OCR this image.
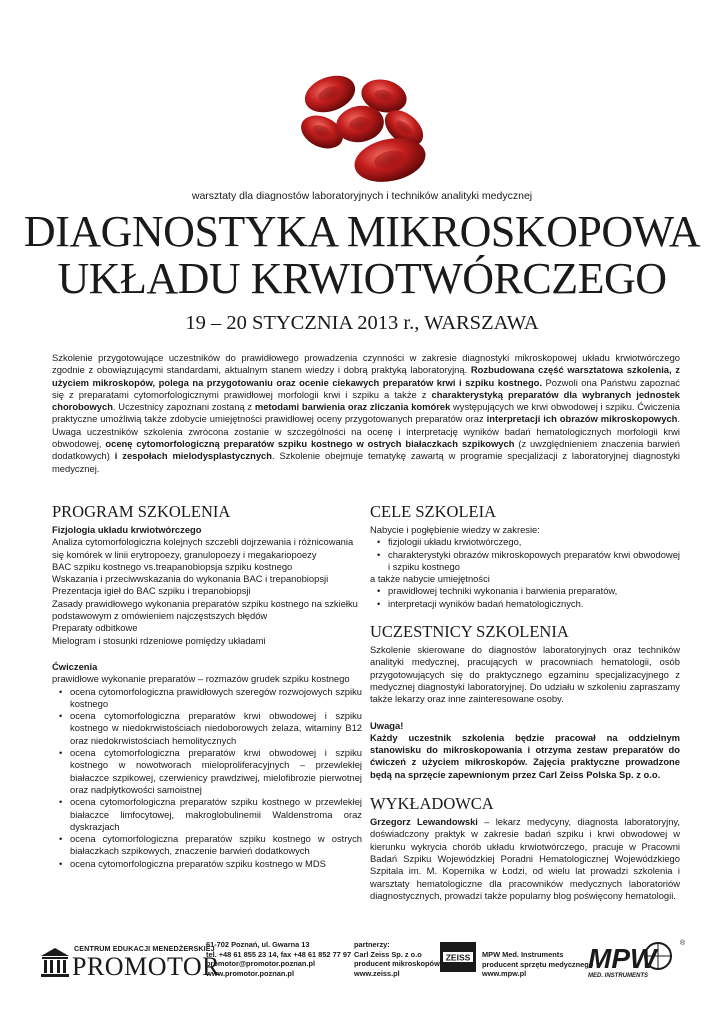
warsztaty dla diagnostów laboratoryjnych i techników analityki medycznej
DIAGNOSTYKA MIKROSKOPOWA
UKŁADU KRWIOTWÓRCZEGO
19 – 20 STYCZNIA 2013 r., WARSZAWA

Szkolenie przygotowujące uczestników do prawidłowego prowadzenia czynności w zakresie diagnostyki mikroskopowej układu krwiotwórczego zgodnie z obowiązującymi standardami, aktualnym stanem wiedzy i dobrą praktyką laboratoryjną. Rozbudowana część warsztatowa szkolenia, z użyciem mikroskopów, polega na przygotowaniu oraz ocenie ciekawych preparatów krwi i szpiku kostnego. Pozwoli ona Państwu zapoznać się z preparatami cytomorfologicznymi prawidłowej morfologii krwi i szpiku a także z charakterystyką preparatów dla wybranych jednostek chorobowych. Uczestnicy zapoznani zostaną z metodami barwienia oraz zliczania komórek występujących we krwi obwodowej i szpiku. Ćwiczenia praktyczne umożliwią także zdobycie umiejętności prawidłowej oceny przygotowanych preparatów oraz interpretacji ich obrazów mikroskopowych. Uwaga uczestników szkolenia zwrócona zostanie w szczególności na ocenę i interpretację wyników badań hematologicznych morfologii krwi obwodowej, ocenę cytomorfologiczną preparatów szpiku kostnego w ostrych białaczkach szpikowych (z uwzględnieniem znaczenia barwień dodatkowych) i zespołach mielodysplastycznych. Szkolenie obejmuje tematykę zawartą w programie specjalizacji z laboratoryjnej diagnostyki medycznej.

PROGRAM SZKOLENIA

Fizjologia układu krwiotwórczego

Analiza cytomorfologiczna kolejnych szczebli dojrzewania i różnicowania
się komórek w linii erytropoezy, granulopoezy i megakariopoezy
BAC szpiku kostnego vs.treapanobiopsja szpiku kostnego
Wskazania i przeciwwskazania do wykonania BAC i trepanobiopsji
Prezentacja igieł do BAC szpiku i trepanobiopsji
Zasady prawidłowego wykonania preparatów szpiku kostnego na szkiełku
podstawowym z omówieniem najczęstszych błędów
Preparaty odbitkowe
Mielogram i stosunki rdzeniowe pomiędzy układami

Ćwiczenia

prawidłowe wykonanie preparatów – rozmazów grudek szpiku kostnego

• ocena cytomorfologiczna prawidłowych szeregów rozwojowych szpiku kostnego
• ocena cytomorfologiczna preparatów krwi obwodowej i szpiku kostnego w niedokrwistościach niedoborowych żelaza, witaminy B12 oraz niedokrwistościach hemolitycznych
• ocena cytomorfologiczna preparatów krwi obwodowej i szpiku kostnego w nowotworach mieloproliferacyjnych – przewlekłej białaczce szpikowej, czerwienicy prawdziwej, mielofibrozie pierwotnej oraz nadpłytkowości samoistnej
• ocena cytomorfologiczna preparatów szpiku kostnego w przewlekłej białaczce limfocytowej, makroglobulinemii Waldenstroma oraz dyskrazjach
• ocena cytomorfologiczna preparatów szpiku kostnego w ostrych białaczkach szpikowych, znaczenie barwień dodatkowych
• ocena cytomorfologiczna preparatów szpiku kostnego w MDS
CELE SZKOLEIA

Nabycie i pogłębienie wiedzy w zakresie:

• fizjologii układu krwiotwórczego,
• charakterystyki obrazów mikroskopowych preparatów krwi obwodowej i szpiku kostnego

a także nabycie umiejętności

• prawidłowej techniki wykonania i barwienia preparatów,
• interpretacji wyników badań hematologicznych.
UCZESTNICY SZKOLENIA

Szkolenie skierowane do diagnostów laboratoryjnych oraz techników analityki medycznej, pracujących w pracowniach hematologii, osób przygotowujących się do praktycznego egzaminu specjalizacyjnego z medycznej diagnostyki laboratoryjnej. Do udziału w szkoleniu zapraszamy także lekarzy oraz inne zainteresowane osoby.

Uwaga!

Każdy uczestnik szkolenia będzie pracował na oddzielnym stanowisku do mikroskopowania i otrzyma zestaw preparatów do ćwiczeń z użyciem mikroskopów. Zajęcia praktyczne prowadzone będą na sprzęcie zapewnionym przez Carl Zeiss Polska Sp. z o.o.

WYKŁADOWCA

Grzegorz Lewandowski – lekarz medycyny, diagnosta laboratoryjny, doświadczony praktyk w zakresie badań szpiku i krwi obwodowej w kierunku wykrycia chorób układu krwiotwórczego, pracuje w Pracowni Badań Szpiku Wojewódzkiej Poradni Hematologicznej Wojewódzkiego Szpitala im. M. Kopernika w Łodzi, od wielu lat prowadzi szkolenia i warsztaty hematologiczne dla pracowników medycznych laboratoriów diagnostycznych, prowadzi także popularny blog poświęcony hematologii.

CENTRUM EDUKACJI MENEDŻERSKIEJ
PROMOTOR
61-702 Poznań, ul. Gwarna 13
tel. +48 61 855 23 14, fax +48 61 852 77 97
promotor@promotor.poznan.pl
www.promotor.poznan.pl
partnerzy:
Carl Zeiss Sp. z o.o
producent mikroskopów
www.zeiss.pl
ZEISS MPW Med. Instruments
producent sprzętu medycznego
www.mpw.pl	MPW
MED. INSTRUMENTS
®
